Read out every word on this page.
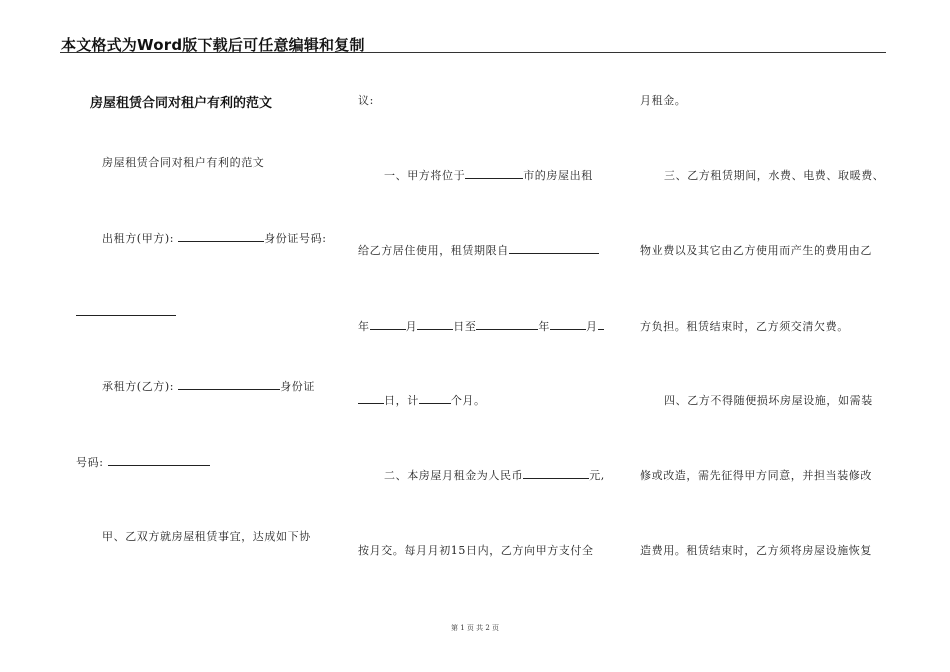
本文格式为Word版下载后可任意编辑和复制
房屋租赁合同对租户有利的范文
房屋租赁合同对租户有利的范文
出租方(甲方):	身份证号码:
承租方(乙方):	身份证
号码:
甲、乙双方就房屋租赁事宜，达成如下协
议:
一、甲方将位于	市的房屋出租
给乙方居住使用，租赁期限自
年	月	日至	年	月
日，计	个月。
二、本房屋月租金为人民币	元,
按月交。每月月初15日内，乙方向甲方支付全
月租金。
三、乙方租赁期间，水费、电费、取暖费、
物业费以及其它由乙方使用而产生的费用由乙
方负担。租赁结束时，乙方须交清欠费。
四、乙方不得随便损坏房屋设施，如需装
修或改造，需先征得甲方同意，并担当装修改
造费用。租赁结束时，乙方须将房屋设施恢复
第 1 页 共 2 页
